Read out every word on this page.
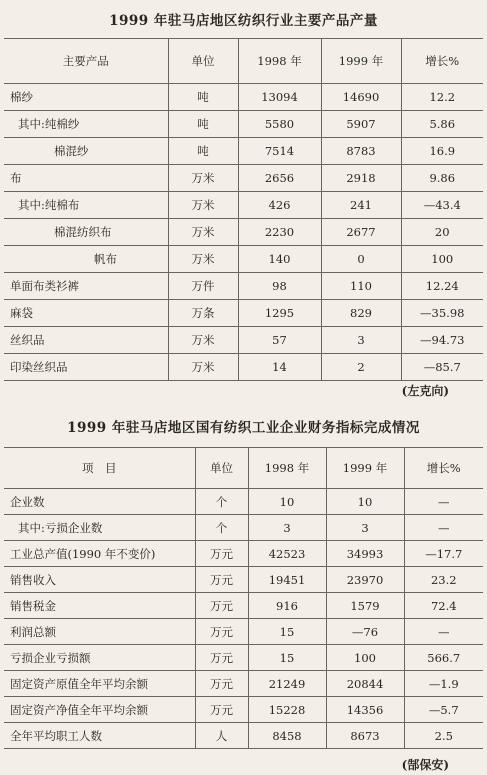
1999 年驻马店地区纺织行业主要产品产量
主要产品	单位	1998 年	1999 年	增长%
棉纱	吨	13094	14690	12.2
其中:纯棉纱	吨	5580	5907	5.86
棉混纱	吨	7514	8783	16.9
布	万米	2656	2918	9.86
其中:纯棉布	万米	426	241	—43.4
棉混纺织布	万米	2230	2677	20
帆布	万米	140	0	100
单面布类衫裤	万件	98	110	12.24
麻袋	万条	1295	829	—35.98
丝织品	万米	57	3	—94.73
印染丝织品	万米	14	2	—85.7
(左克向)
1999 年驻马店地区国有纺织工业企业财务指标完成情况
项　目	单位	1998 年	1999 年	增长%
企业数	个	10	10	—
其中:亏损企业数	个	3	3	—
工业总产值(1990 年不变价)	万元	42523	34993	—17.7
销售收入	万元	19451	23970	23.2
销售税金	万元	916	1579	72.4
利润总额	万元	15	—76	—
亏损企业亏损额	万元	15	100	566.7
固定资产原值全年平均余额	万元	21249	20844	—1.9
固定资产净值全年平均余额	万元	15228	14356	—5.7
全年平均职工人数	人	8458	8673	2.5
(郜保安)
